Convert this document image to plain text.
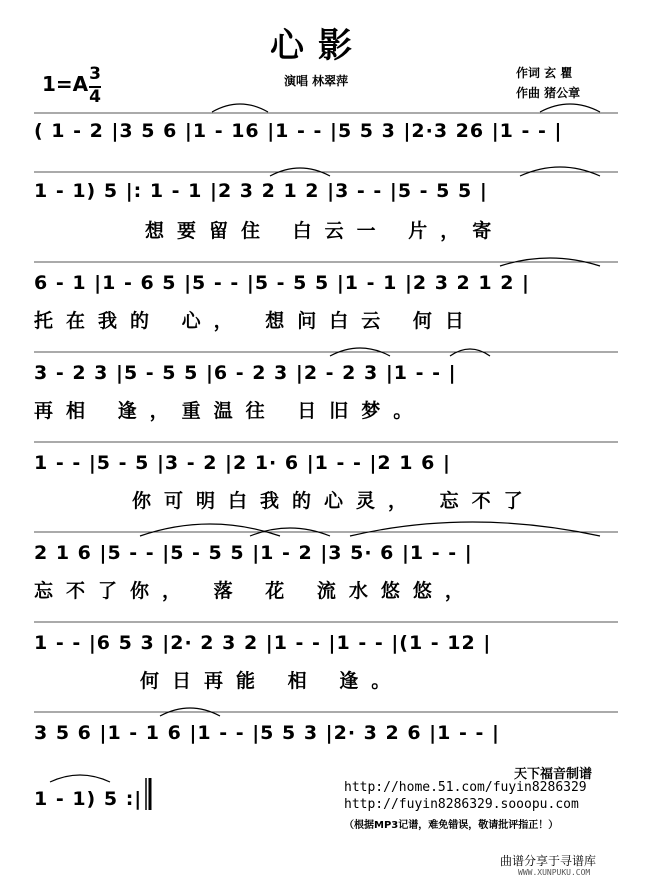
心影
1=A 3
4
演唱 林翠萍
作词 玄 瞿
作曲 猪公章
( 1 - 2 |3 5 6 |1 - 16 |1 - - |5 5 3 |2·3 26 |1 - - |
1 - 1) 5 |: 1 - 1 |2 3 2 1 2 |3 - - |5 - 5 5 |
想要留住 白云一 片，寄
6 - 1 |1 - 6 5 |5 - - |5 - 5 5 |1 - 1 |2 3 2 1 2 |
托在我的 心， 想问白云 何日
3 - 2 3 |5 - 5 5 |6 - 2 3 |2 - 2 3 |1 - - |
再相 逢，重温往 日旧梦。
1 - - |5 - 5 |3 - 2 |2 1· 6 |1 - - |2 1 6 |
你可明白我的心灵， 忘不了
2 1 6 |5 - - |5 - 5 5 |1 - 2 |3 5· 6 |1 - - |
忘不了你， 落 花 流水悠悠，
1 - - |6 5 3 |2· 2 3 2 |1 - - |1 - - |(1 - 12 |
何日再能 相 逢。
3 5 6 |1 - 1 6 |1 - - |5 5 3 |2· 3 2 6 |1 - - |
1 - 1) 5 :|
天下福音制谱
http://home.51.com/fuyin8286329
http://fuyin8286329.sooopu.com
（根据MP3记谱，难免错误，敬请批评指正！）
曲谱分享于寻谱库
WWW.XUNPUKU.COM
